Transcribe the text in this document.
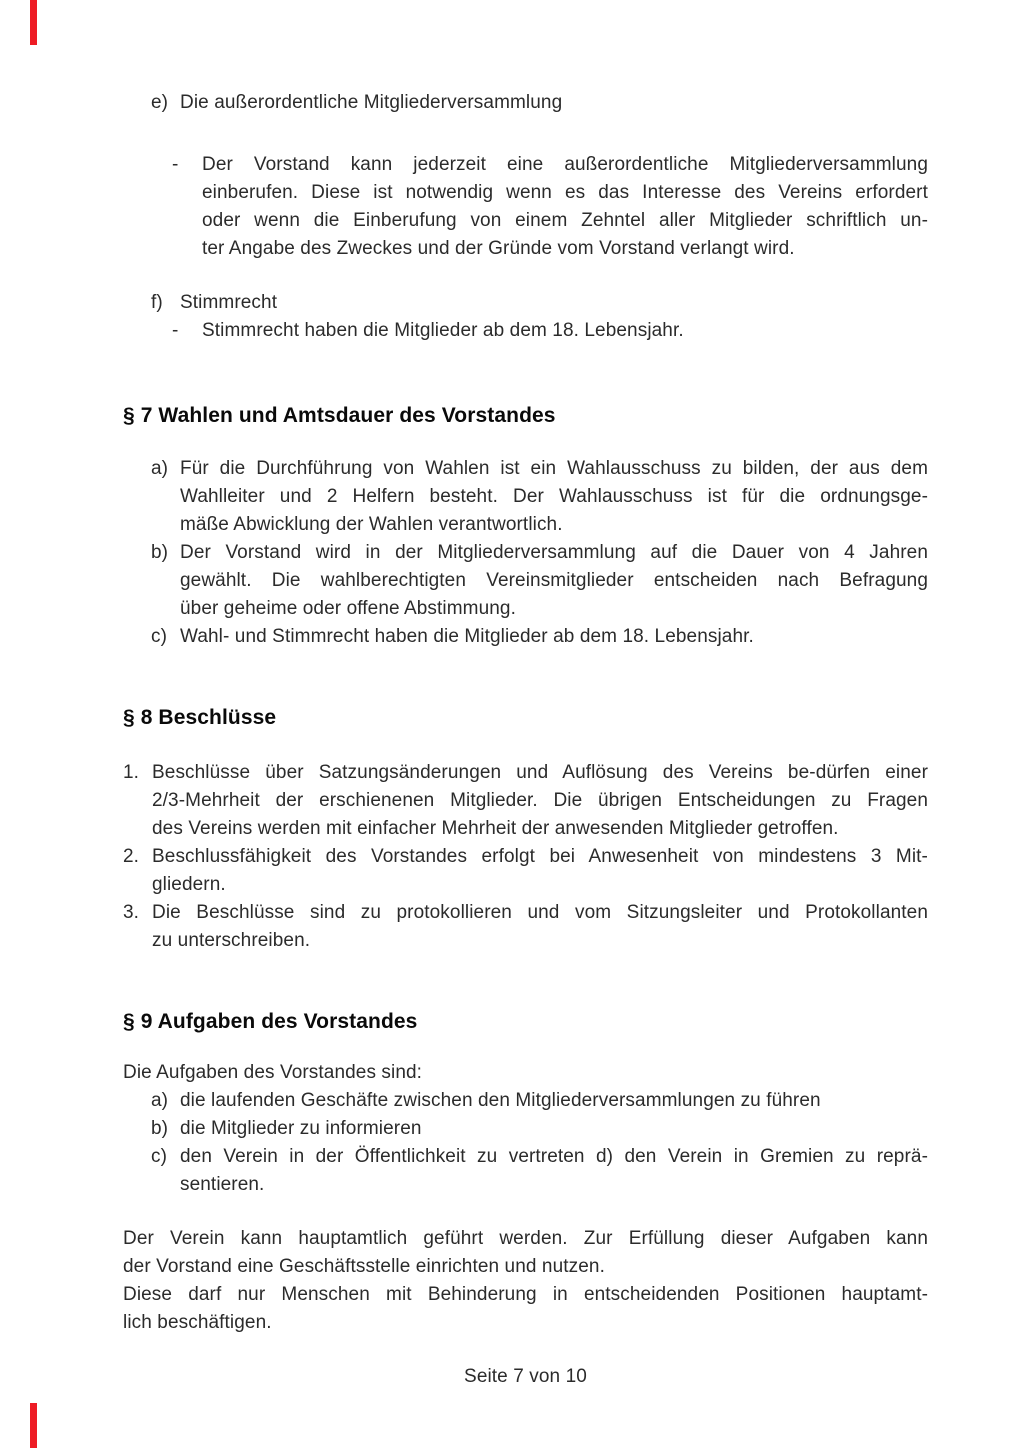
e) Die außerordentliche Mitgliederversammlung
-	Der Vorstand kann jederzeit eine außerordentliche Mitgliederversammlung
einberufen. Diese ist notwendig wenn es das Interesse des Vereins erfordert
oder wenn die Einberufung von einem Zehntel aller Mitglieder schriftlich un-
ter Angabe des Zweckes und der Gründe vom Vorstand verlangt wird.
f) Stimmrecht
-	Stimmrecht haben die Mitglieder ab dem 18. Lebensjahr.
§ 7 Wahlen und Amtsdauer des Vorstandes
a) Für die Durchführung von Wahlen ist ein Wahlausschuss zu bilden, der aus dem
Wahlleiter und 2 Helfern besteht. Der Wahlausschuss ist für die ordnungsge-
mäße Abwicklung der Wahlen verantwortlich.
b) Der Vorstand wird in der Mitgliederversammlung auf die Dauer von 4 Jahren
gewählt. Die wahlberechtigten Vereinsmitglieder entscheiden nach Befragung
über geheime oder offene Abstimmung.
c) Wahl- und Stimmrecht haben die Mitglieder ab dem 18. Lebensjahr.
§ 8 Beschlüsse
1. Beschlüsse über Satzungsänderungen und Auflösung des Vereins be-dürfen einer
2/3-Mehrheit der erschienenen Mitglieder. Die übrigen Entscheidungen zu Fragen
des Vereins werden mit einfacher Mehrheit der anwesenden Mitglieder getroffen.
2. Beschlussfähigkeit des Vorstandes erfolgt bei Anwesenheit von mindestens 3 Mit-
gliedern.
3. Die Beschlüsse sind zu protokollieren und vom Sitzungsleiter und Protokollanten
zu unterschreiben.
§ 9 Aufgaben des Vorstandes
Die Aufgaben des Vorstandes sind:
a) die laufenden Geschäfte zwischen den Mitgliederversammlungen zu führen
b) die Mitglieder zu informieren
c) den Verein in der Öffentlichkeit zu vertreten d) den Verein in Gremien zu reprä-
sentieren.
Der Verein kann hauptamtlich geführt werden. Zur Erfüllung dieser Aufgaben kann
der Vorstand eine Geschäftsstelle einrichten und nutzen.
Diese darf nur Menschen mit Behinderung in entscheidenden Positionen hauptamt-
lich beschäftigen.
Seite 7 von 10
